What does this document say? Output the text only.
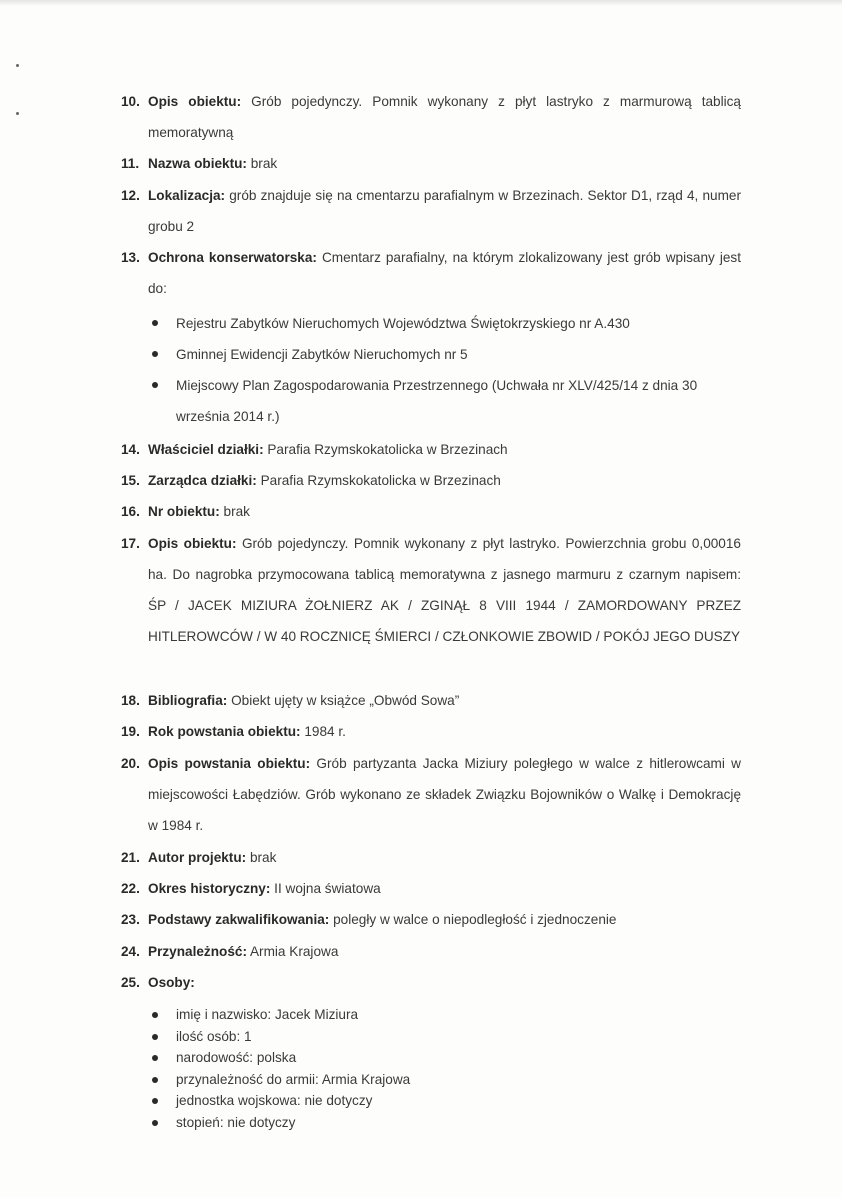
10. Opis obiektu: Grób pojedynczy. Pomnik wykonany z płyt lastryko z marmurową tablicą memoratywną
11. Nazwa obiektu: brak
12. Lokalizacja: grób znajduje się na cmentarzu parafialnym w Brzezinach. Sektor D1, rząd 4, numer grobu 2
13. Ochrona konserwatorska: Cmentarz parafialny, na którym zlokalizowany jest grób wpisany jest do:
Rejestru Zabytków Nieruchomych Województwa Świętokrzyskiego nr A.430
Gminnej Ewidencji Zabytków Nieruchomych nr 5
Miejscowy Plan Zagospodarowania Przestrzennego (Uchwała nr XLV/425/14 z dnia 30 września 2014 r.)
14. Właściciel działki: Parafia Rzymskokatolicka w Brzezinach
15. Zarządca działki: Parafia Rzymskokatolicka w Brzezinach
16. Nr obiektu: brak
17. Opis obiektu: Grób pojedynczy. Pomnik wykonany z płyt lastryko. Powierzchnia grobu 0,00016 ha. Do nagrobka przymocowana tablicą memoratywna z jasnego marmuru z czarnym napisem: ŚP / JACEK MIZIURA ŻOŁNIERZ AK / ZGINĄŁ 8 VIII 1944 / ZAMORDOWANY PRZEZ HITLEROWCÓW / W 40 ROCZNICĘ ŚMIERCI / CZŁONKOWIE ZBOWID / POKÓJ JEGO DUSZY
18. Bibliografia: Obiekt ujęty w książce „Obwód Sowa”
19. Rok powstania obiektu: 1984 r.
20. Opis powstania obiektu: Grób partyzanta Jacka Miziury poległego w walce z hitlerowcami w miejscowości Łabędziów. Grób wykonano ze składek Związku Bojowników o Walkę i Demokrację w 1984 r.
21. Autor projektu: brak
22. Okres historyczny: II wojna światowa
23. Podstawy zakwalifikowania: poległy w walce o niepodległość i zjednoczenie
24. Przynależność: Armia Krajowa
25. Osoby:
imię i nazwisko: Jacek Miziura
ilość osób: 1
narodowość: polska
przynależność do armii: Armia Krajowa
jednostka wojskowa: nie dotyczy
stopień: nie dotyczy
